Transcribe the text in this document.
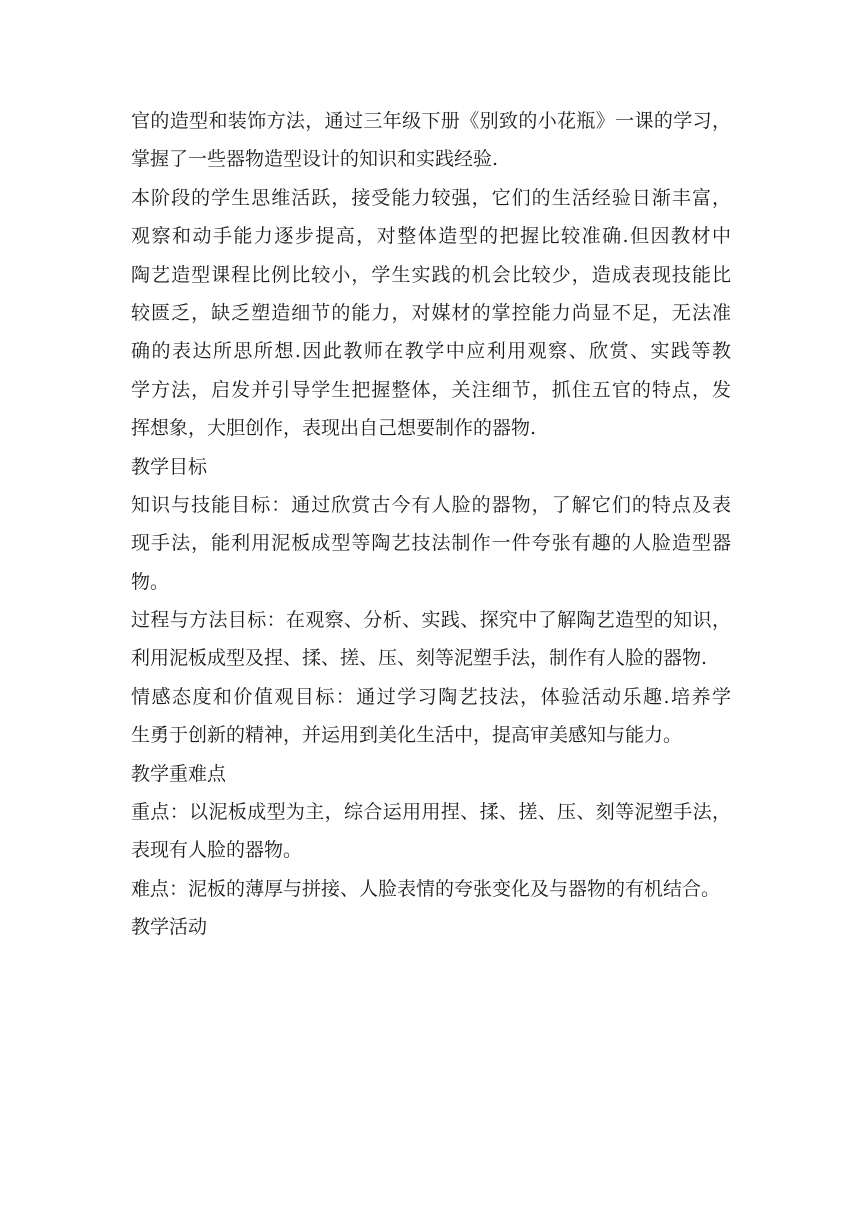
官的造型和装饰方法，通过三年级下册《别致的小花瓶》一课的学习，
掌握了一些器物造型设计的知识和实践经验.
本阶段的学生思维活跃，接受能力较强，它们的生活经验日渐丰富，
观察和动手能力逐步提高，对整体造型的把握比较准确.但因教材中
陶艺造型课程比例比较小，学生实践的机会比较少，造成表现技能比
较匮乏，缺乏塑造细节的能力，对媒材的掌控能力尚显不足，无法准
确的表达所思所想.因此教师在教学中应利用观察、欣赏、实践等教
学方法，启发并引导学生把握整体，关注细节，抓住五官的特点，发
挥想象，大胆创作，表现出自己想要制作的器物.
教学目标
知识与技能目标：通过欣赏古今有人脸的器物，了解它们的特点及表
现手法，能利用泥板成型等陶艺技法制作一件夸张有趣的人脸造型器
物。
过程与方法目标：在观察、分析、实践、探究中了解陶艺造型的知识，
利用泥板成型及捏、揉、搓、压、刻等泥塑手法，制作有人脸的器物.
情感态度和价值观目标：通过学习陶艺技法，体验活动乐趣.培养学
生勇于创新的精神，并运用到美化生活中，提高审美感知与能力。
教学重难点
重点：以泥板成型为主，综合运用用捏、揉、搓、压、刻等泥塑手法，
表现有人脸的器物。
难点：泥板的薄厚与拼接、人脸表情的夸张变化及与器物的有机结合。
教学活动
